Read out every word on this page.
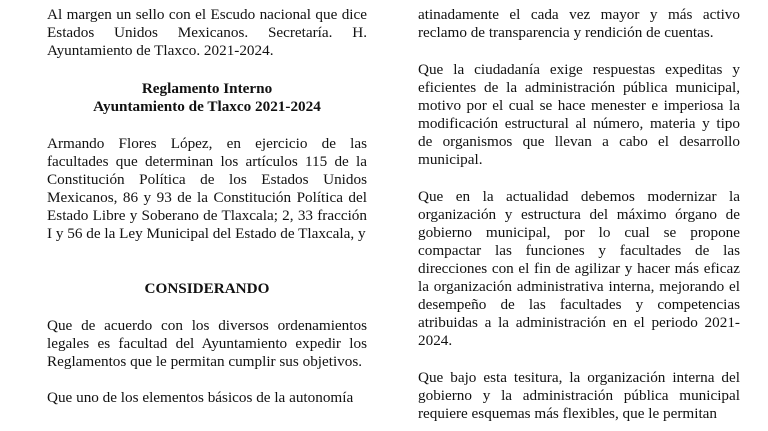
Al margen un sello con el Escudo nacional que dice Estados Unidos Mexicanos. Secretaría. H. Ayuntamiento de Tlaxco. 2021-2024.

Reglamento Interno

Ayuntamiento de Tlaxco 2021-2024

Armando Flores López, en ejercicio de las facultades que determinan los artículos 115 de la Constitución Política de los Estados Unidos Mexicanos, 86 y 93 de la Constitución Política del Estado Libre y Soberano de Tlaxcala; 2, 33 fracción I y 56 de la Ley Municipal del Estado de Tlaxcala, y

CONSIDERANDO

Que de acuerdo con los diversos ordenamientos legales es facultad del Ayuntamiento expedir los Reglamentos que le permitan cumplir sus objetivos.

Que uno de los elementos básicos de la autonomía

atinadamente el cada vez mayor y más activo reclamo de transparencia y rendición de cuentas.

Que la ciudadanía exige respuestas expeditas y eficientes de la administración pública municipal, motivo por el cual se hace menester e imperiosa la modificación estructural al número, materia y tipo de organismos que llevan a cabo el desarrollo municipal.

Que en la actualidad debemos modernizar la organización y estructura del máximo órgano de gobierno municipal, por lo cual se propone compactar las funciones y facultades de las direcciones con el fin de agilizar y hacer más eficaz la organización administrativa interna, mejorando el desempeño de las facultades y competencias atribuidas a la administración en el periodo 2021-2024.

Que bajo esta tesitura, la organización interna del gobierno y la administración pública municipal requiere esquemas más flexibles, que le permitan
